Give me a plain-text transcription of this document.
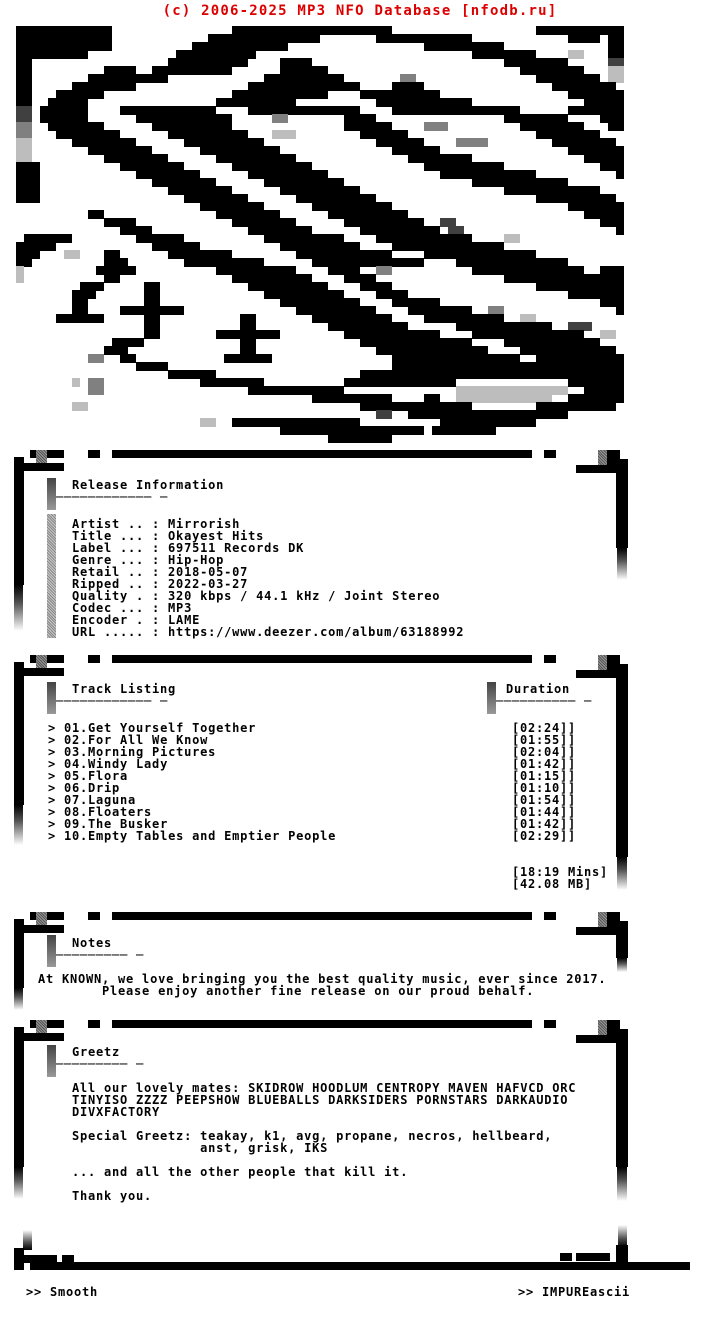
(c) 2006-2025 MP3 NFO Database [nfodb.ru]
sM
Release Information
──────────── ─
Artist .. : Mirrorish
Title ... : Okayest Hits
Label ... : 697511 Records DK
Genre ... : Hip-Hop
Retail .. : 2018-05-07
Ripped .. : 2022-03-27
Quality . : 320 kbps / 44.1 kHz / Joint Stereo
Codec ... : MP3
Encoder . : LAME
URL ..... : https://www.deezer.com/album/63188992
Track Listing
──────────── ─
Duration
────────── ─
> 01.Get Yourself Together	[02:24]]
> 02.For All We Know	[01:55]]
> 03.Morning Pictures	[02:04]]
> 04.Windy Lady	[01:42]]
> 05.Flora	[01:15]]
> 06.Drip	[01:10]]
> 07.Laguna	[01:54]]
> 08.Floaters	[01:44]]
> 09.The Busker	[01:42]]
> 10.Empty Tables and Emptier People	[02:29]]
[18:19 Mins]
[42.08 MB]
Notes
───────── ─
At KNOWN, we love bringing you the best quality music, ever since 2017.
Please enjoy another fine release on our proud behalf.
Greetz
───────── ─
All our lovely mates: SKIDROW HOODLUM CENTROPY MAVEN HAFVCD ORC
TINYISO ZZZZ PEEPSHOW BLUEBALLS DARKSIDERS PORNSTARS DARKAUDIO
DIVXFACTORY
Special Greetz: teakay, k1, avg, propane, necros, hellbeard,
anst, grisk, IKS
... and all the other people that kill it.
Thank you.
>> Smooth	>> IMPUREascii
